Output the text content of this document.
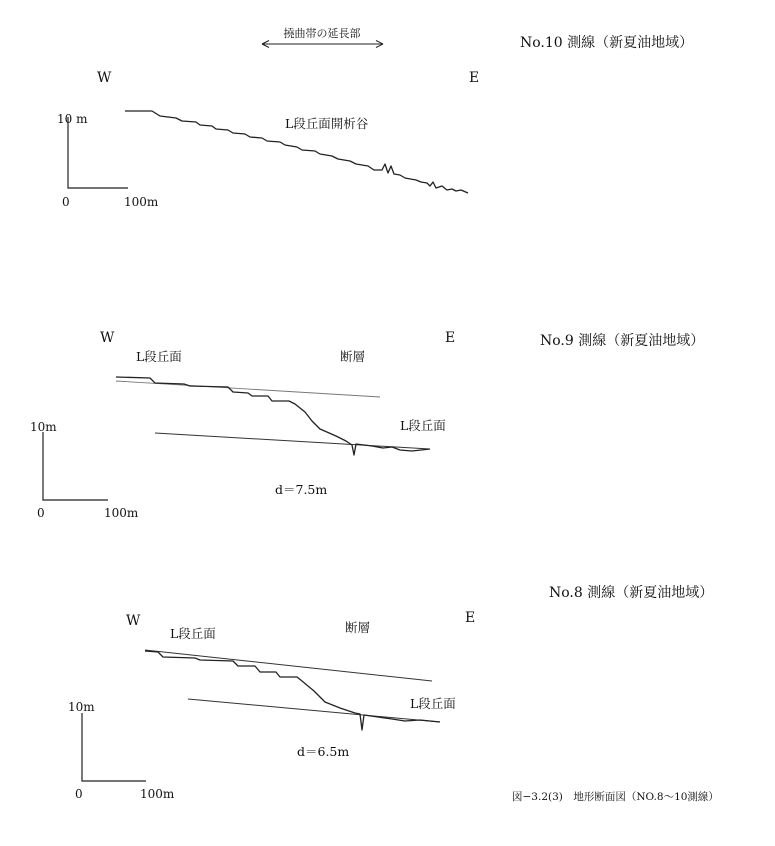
撓曲帯の延長部
No.10 測線（新夏油地域）
W	E
L段丘面開析谷
10 m
0	100m
No.9 測線（新夏油地域）
W	E
L段丘面	断層
L段丘面
d＝7.5m
10m
0	100m
No.8 測線（新夏油地域）
W	E
L段丘面	断層
L段丘面
d＝6.5m
10m
0	100m	図−3.2(3)　地形断面図（NO.8〜10測線）
